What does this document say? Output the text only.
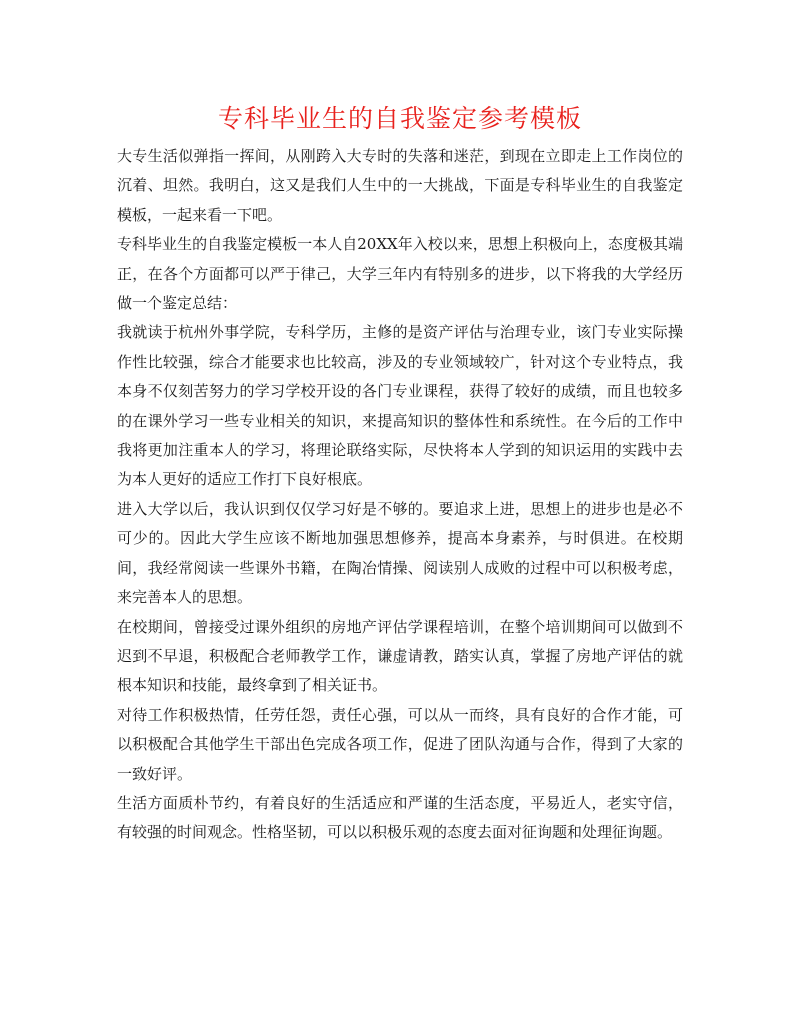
专科毕业生的自我鉴定参考模板

大专生活似弹指一挥间，从刚跨入大专时的失落和迷茫，到现在立即走上工作岗位的沉着、坦然。我明白，这又是我们人生中的一大挑战，下面是专科毕业生的自我鉴定模板，一起来看一下吧。

专科毕业生的自我鉴定模板一本人自20XX年入校以来，思想上积极向上，态度极其端正，在各个方面都可以严于律己，大学三年内有特别多的进步，以下将我的大学经历做一个鉴定总结：

我就读于杭州外事学院，专科学历，主修的是资产评估与治理专业，该门专业实际操作性比较强，综合才能要求也比较高，涉及的专业领域较广，针对这个专业特点，我本身不仅刻苦努力的学习学校开设的各门专业课程，获得了较好的成绩，而且也较多的在课外学习一些专业相关的知识，来提高知识的整体性和系统性。在今后的工作中我将更加注重本人的学习，将理论联络实际，尽快将本人学到的知识运用的实践中去为本人更好的适应工作打下良好根底。

进入大学以后，我认识到仅仅学习好是不够的。要追求上进，思想上的进步也是必不可少的。因此大学生应该不断地加强思想修养，提高本身素养，与时俱进。在校期间，我经常阅读一些课外书籍，在陶冶情操、阅读别人成败的过程中可以积极考虑，来完善本人的思想。

在校期间，曾接受过课外组织的房地产评估学课程培训，在整个培训期间可以做到不迟到不早退，积极配合老师教学工作，谦虚请教，踏实认真，掌握了房地产评估的就根本知识和技能，最终拿到了相关证书。

对待工作积极热情，任劳任怨，责任心强，可以从一而终，具有良好的合作才能，可以积极配合其他学生干部出色完成各项工作，促进了团队沟通与合作，得到了大家的一致好评。

生活方面质朴节约，有着良好的生活适应和严谨的生活态度，平易近人，老实守信，有较强的时间观念。性格坚韧，可以以积极乐观的态度去面对征询题和处理征询题。
